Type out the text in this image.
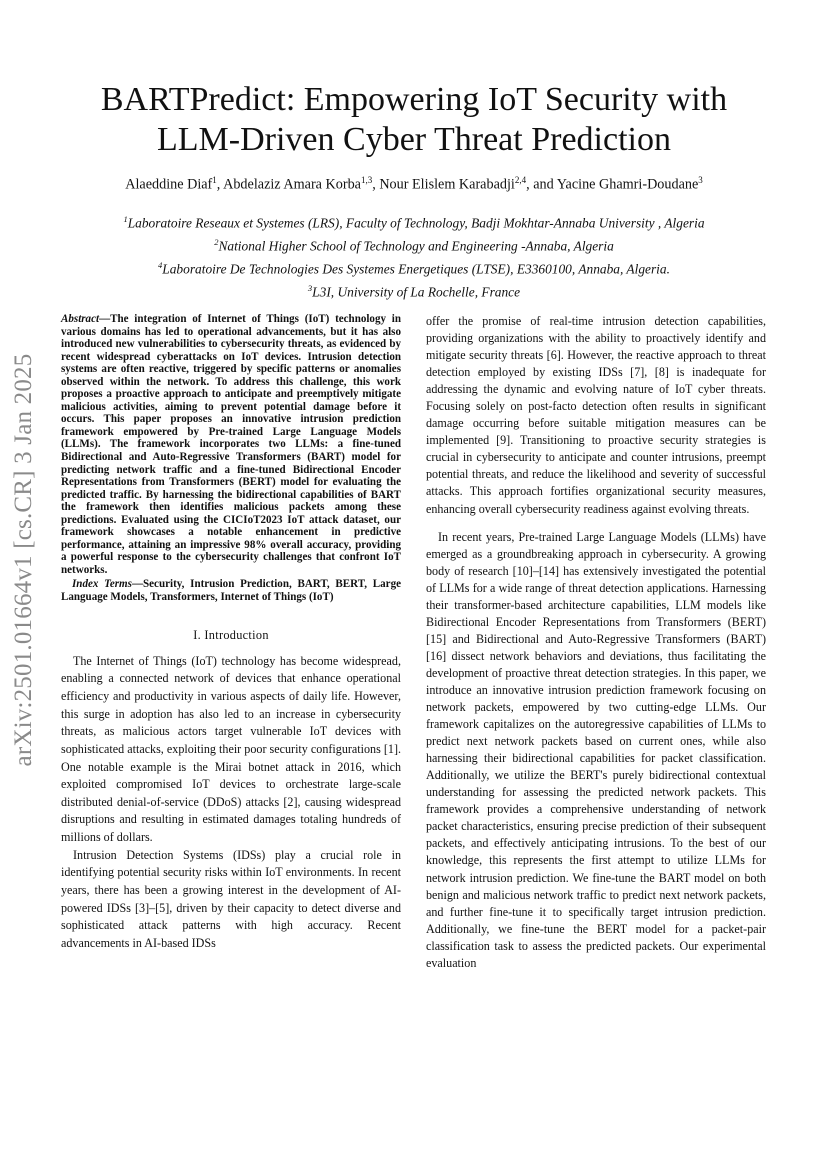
arXiv:2501.01664v1 [cs.CR] 3 Jan 2025
BARTPredict: Empowering IoT Security with
LLM-Driven Cyber Threat Prediction
Alaeddine Diaf$^1$, Abdelaziz Amara Korba$^{1,3}$, Nour Elislem Karabadji$^{2,4}$, and Yacine Ghamri-Doudane$^3$
$^1$Laboratoire Reseaux et Systemes (LRS), Faculty of Technology, Badji Mokhtar-Annaba University , Algeria
$^2$National Higher School of Technology and Engineering -Annaba, Algeria
$^4$Laboratoire De Technologies Des Systemes Energetiques (LTSE), E3360100, Annaba, Algeria.
$^3$L3I, University of La Rochelle, France

Abstract—The integration of Internet of Things (IoT) technology in various domains has led to operational advancements, but it has also introduced new vulnerabilities to cybersecurity threats, as evidenced by recent widespread cyberattacks on IoT devices. Intrusion detection systems are often reactive, triggered by specific patterns or anomalies observed within the network. To address this challenge, this work proposes a proactive approach to anticipate and preemptively mitigate malicious activities, aiming to prevent potential damage before it occurs. This paper proposes an innovative intrusion prediction framework empowered by Pre-trained Large Language Models (LLMs). The framework incorporates two LLMs: a fine-tuned Bidirectional and Auto-Regressive Transformers (BART) model for predicting network traffic and a fine-tuned Bidirectional Encoder Representations from Transformers (BERT) model for evaluating the predicted traffic. By harnessing the bidirectional capabilities of BART the framework then identifies malicious packets among these predictions. Evaluated using the CICIoT2023 IoT attack dataset, our framework showcases a notable enhancement in predictive performance, attaining an impressive 98% overall accuracy, providing a powerful response to the cybersecurity challenges that confront IoT networks.

Index Terms—Security, Intrusion Prediction, BART, BERT, Large Language Models, Transformers, Internet of Things (IoT)

I. Introduction

The Internet of Things (IoT) technology has become widespread, enabling a connected network of devices that enhance operational efficiency and productivity in various aspects of daily life. However, this surge in adoption has also led to an increase in cybersecurity threats, as malicious actors target vulnerable IoT devices with sophisticated attacks, exploiting their poor security configurations [1]. One notable example is the Mirai botnet attack in 2016, which exploited compromised IoT devices to orchestrate large-scale distributed denial-of-service (DDoS) attacks [2], causing widespread disruptions and resulting in estimated damages totaling hundreds of millions of dollars.

Intrusion Detection Systems (IDSs) play a crucial role in identifying potential security risks within IoT environments. In recent years, there has been a growing interest in the development of AI-powered IDSs [3]–[5], driven by their capacity to detect diverse and sophisticated attack patterns with high accuracy. Recent advancements in AI-based IDSs

offer the promise of real-time intrusion detection capabilities, providing organizations with the ability to proactively identify and mitigate security threats [6]. However, the reactive approach to threat detection employed by existing IDSs [7], [8] is inadequate for addressing the dynamic and evolving nature of IoT cyber threats. Focusing solely on post-facto detection often results in significant damage occurring before suitable mitigation measures can be implemented [9]. Transitioning to proactive security strategies is crucial in cybersecurity to anticipate and counter intrusions, preempt potential threats, and reduce the likelihood and severity of successful attacks. This approach fortifies organizational security measures, enhancing overall cybersecurity readiness against evolving threats.

In recent years, Pre-trained Large Language Models (LLMs) have emerged as a groundbreaking approach in cybersecurity. A growing body of research [10]–[14] has extensively investigated the potential of LLMs for a wide range of threat detection applications. Harnessing their transformer-based architecture capabilities, LLM models like Bidirectional Encoder Representations from Transformers (BERT) [15] and Bidirectional and Auto-Regressive Transformers (BART) [16] dissect network behaviors and deviations, thus facilitating the development of proactive threat detection strategies. In this paper, we introduce an innovative intrusion prediction framework focusing on network packets, empowered by two cutting-edge LLMs. Our framework capitalizes on the autoregressive capabilities of LLMs to predict next network packets based on current ones, while also harnessing their bidirectional capabilities for packet classification. Additionally, we utilize the BERT's purely bidirectional contextual understanding for assessing the predicted network packets. This framework provides a comprehensive understanding of network packet characteristics, ensuring precise prediction of their subsequent packets, and effectively anticipating intrusions. To the best of our knowledge, this represents the first attempt to utilize LLMs for network intrusion prediction. We fine-tune the BART model on both benign and malicious network traffic to predict next network packets, and further fine-tune it to specifically target intrusion prediction. Additionally, we fine-tune the BERT model for a packet-pair classification task to assess the predicted packets. Our experimental evaluation
